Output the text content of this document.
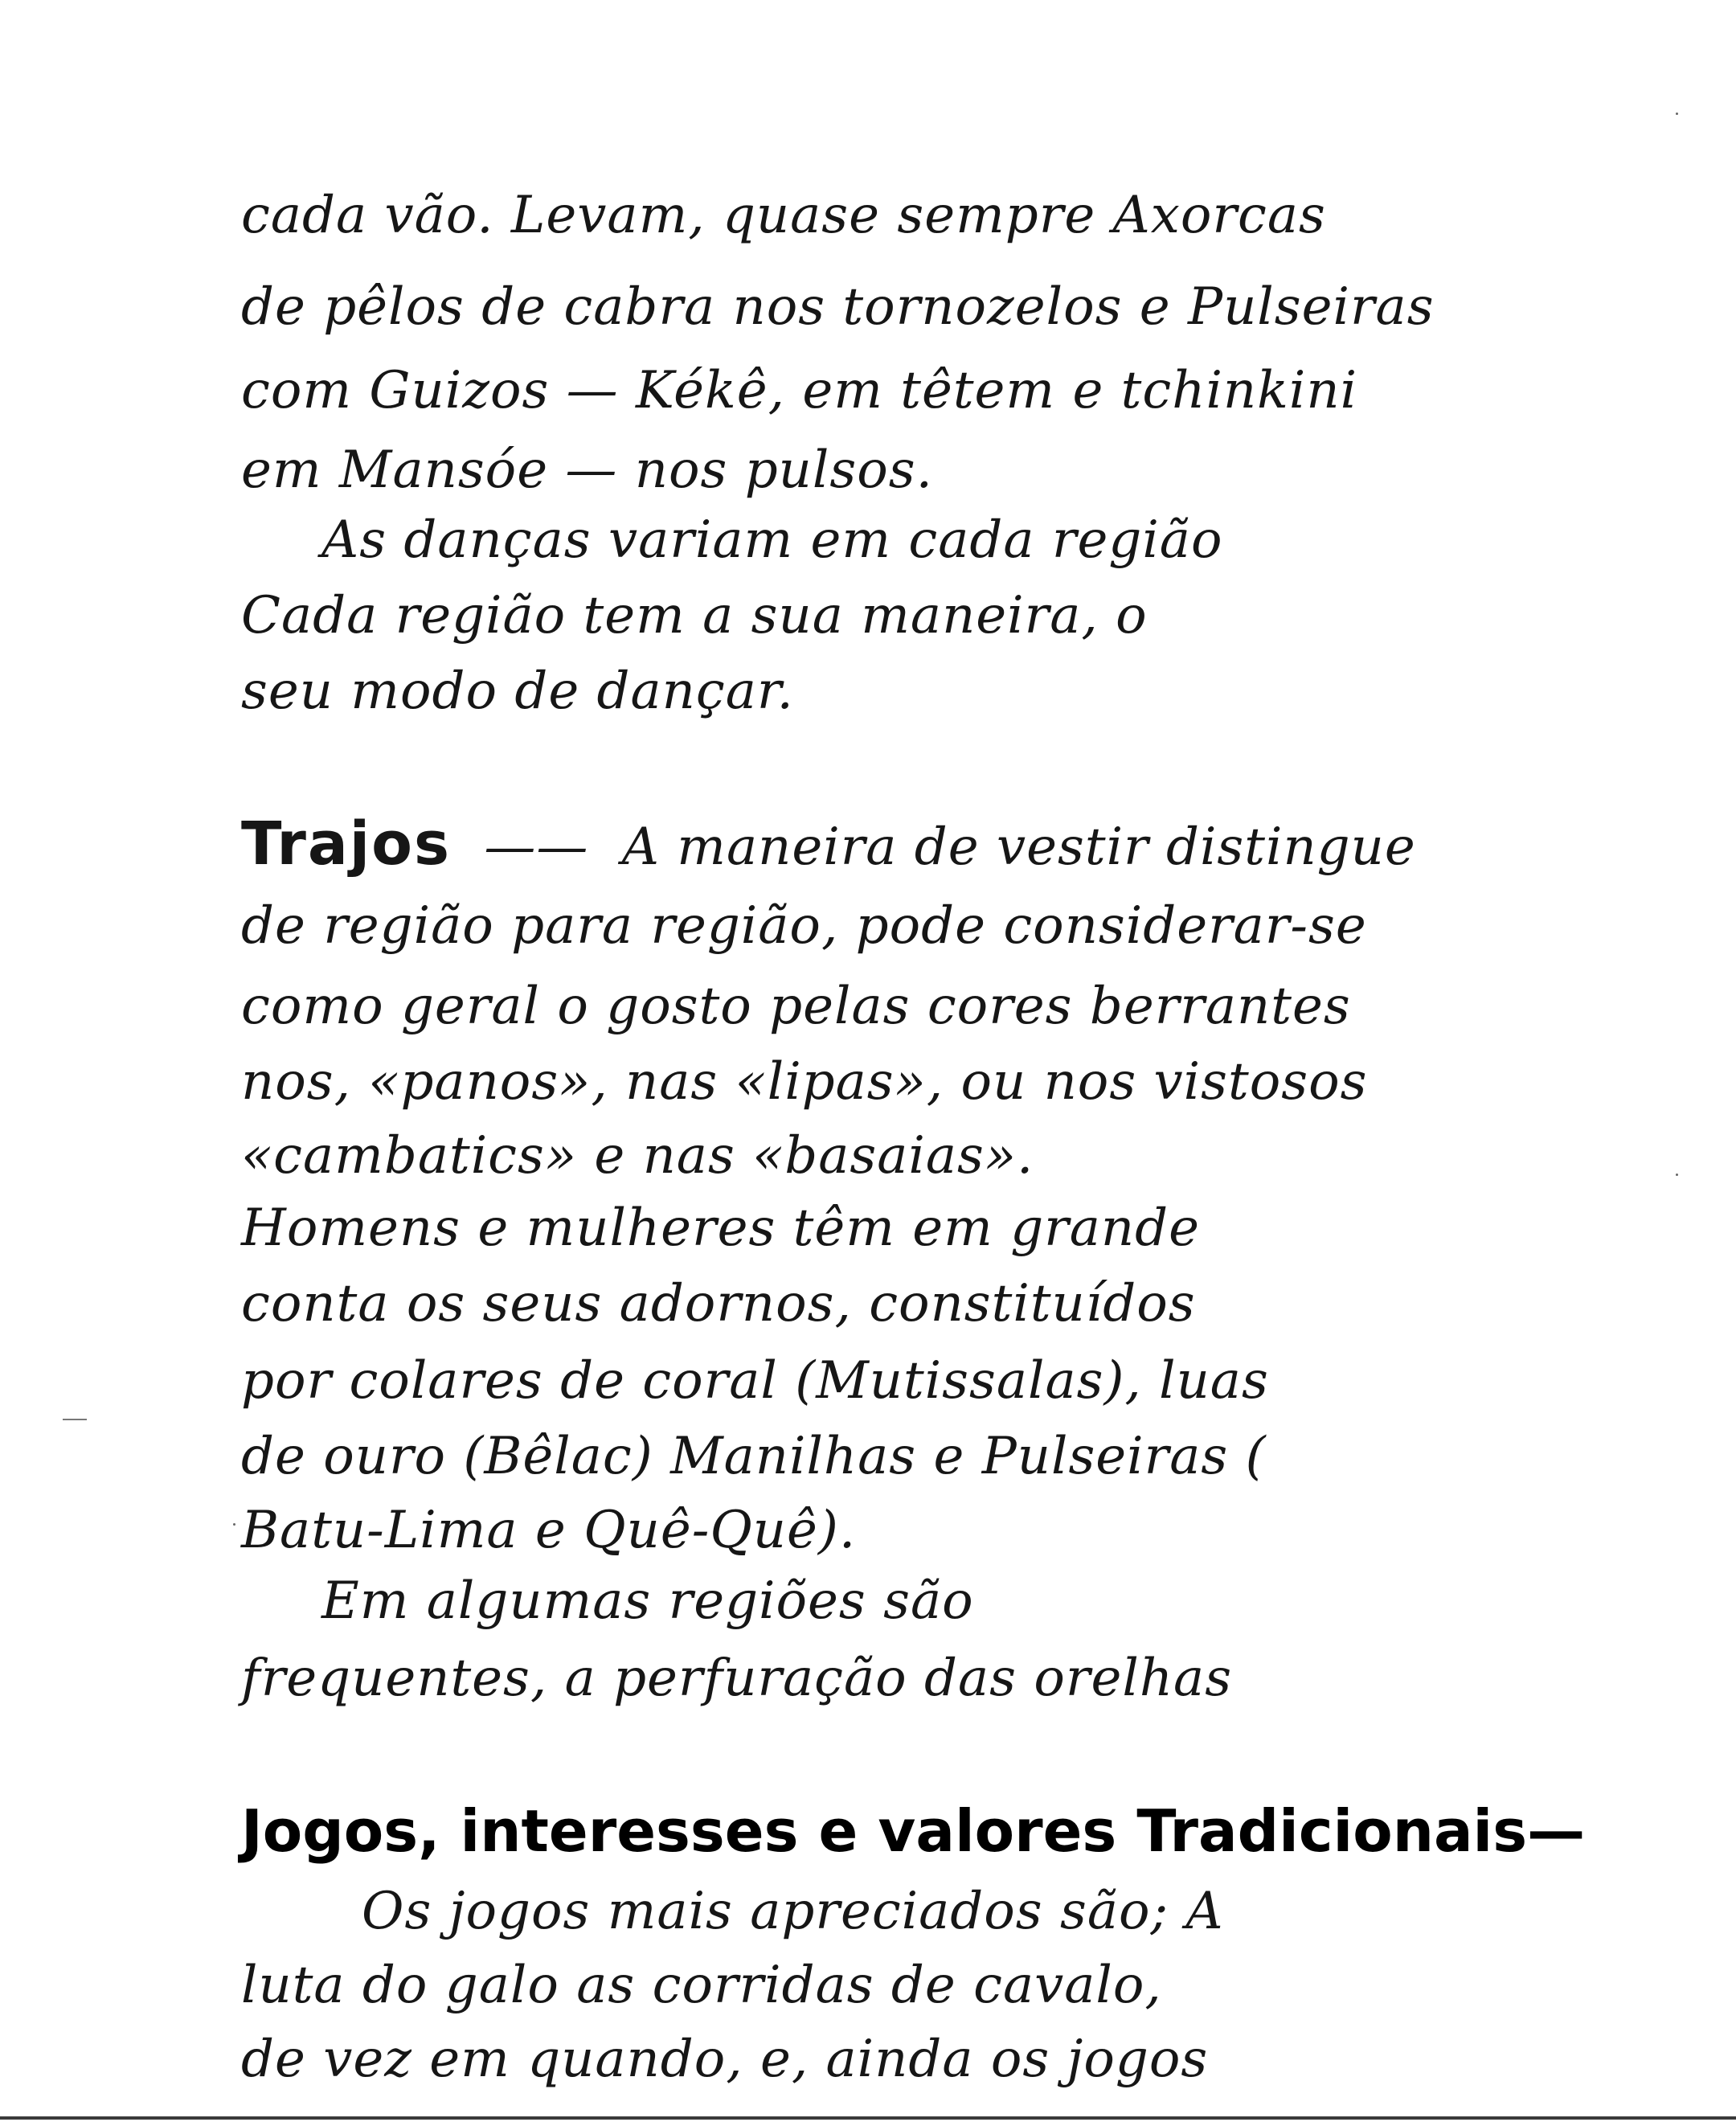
cada vão. Levam, quase sempre Axorcas
de pêlos de cabra nos tornozelos e Pulseiras
com Guizos — Kékê, em têtem e tchinkini
em Mansóe — nos pulsos.
As danças variam em cada região
Cada região tem a sua maneira, o
seu modo de dançar.
Trajos —— A maneira de vestir distingue
de região para região, pode considerar-se
como geral o gosto pelas cores berrantes
nos, «panos», nas «lipas», ou nos vistosos
«cambatics» e nas «basaias».
Homens e mulheres têm em grande
conta os seus adornos, constituídos
por colares de coral (Mutissalas), luas
de ouro (Bêlac) Manilhas e Pulseiras (
Batu-Lima e Quê-Quê).
Em algumas regiões são
frequentes, a perfuração das orelhas
Jogos, interesses e valores Tradicionais—
Os jogos mais apreciados são; A
luta do galo as corridas de cavalo,
de vez em quando, e, ainda os jogos
